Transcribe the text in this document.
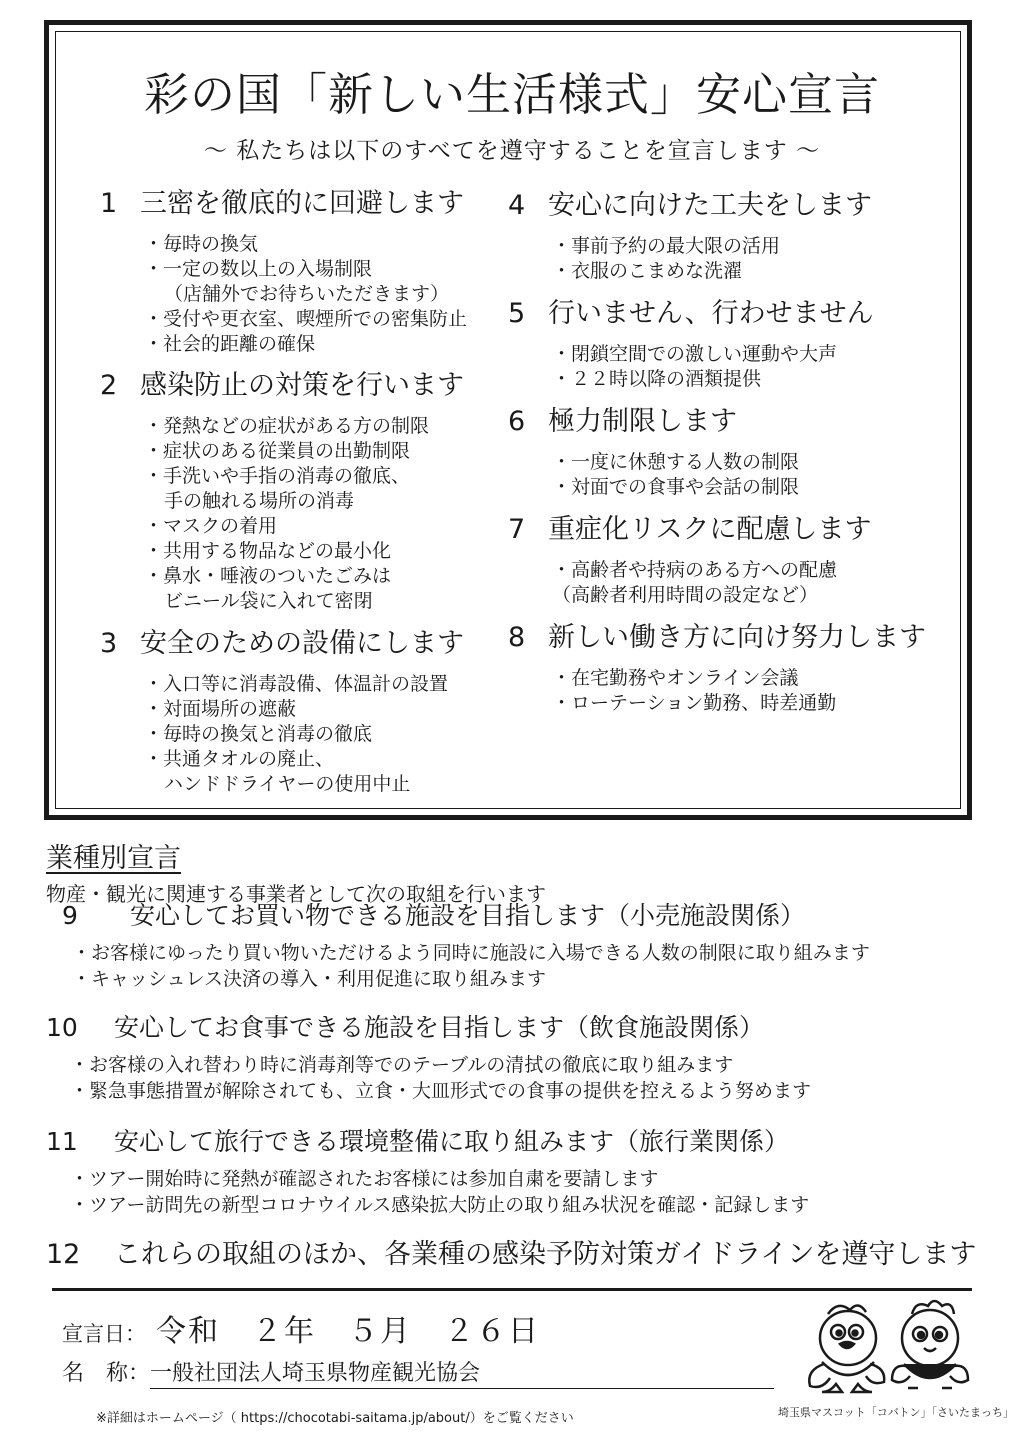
彩の国「新しい生活様式」安心宣言
～ 私たちは以下のすべてを遵守することを宣言します ～
1 三密を徹底的に回避します
・毎時の換気
・一定の数以上の入場制限
（店舗外でお待ちいただきます）
・受付や更衣室、喫煙所での密集防止
・社会的距離の確保
2 感染防止の対策を行います
・発熱などの症状がある方の制限
・症状のある従業員の出勤制限
・手洗いや手指の消毒の徹底、
手の触れる場所の消毒
・マスクの着用
・共用する物品などの最小化
・鼻水・唾液のついたごみは
ビニール袋に入れて密閉
3 安全のための設備にします
・入口等に消毒設備、体温計の設置
・対面場所の遮蔽
・毎時の換気と消毒の徹底
・共通タオルの廃止、
ハンドドライヤーの使用中止
4 安心に向けた工夫をします
・事前予約の最大限の活用
・衣服のこまめな洗濯
5 行いません、行わせません
・閉鎖空間での激しい運動や大声
・２２時以降の酒類提供
6 極力制限します
・一度に休憩する人数の制限
・対面での食事や会話の制限
7 重症化リスクに配慮します
・高齢者や持病のある方への配慮
（高齢者利用時間の設定など）
8 新しい働き方に向け努力します
・在宅勤務やオンライン会議
・ローテーション勤務、時差通勤
業種別宣言
物産・観光に関連する事業者として次の取組を行います
9 安心してお買い物できる施設を目指します（小売施設関係）
・お客様にゆったり買い物いただけるよう同時に施設に入場できる人数の制限に取り組みます
・キャッシュレス決済の導入・利用促進に取り組みます
10 安心してお食事できる施設を目指します（飲食施設関係）
・お客様の入れ替わり時に消毒剤等でのテーブルの清拭の徹底に取り組みます
・緊急事態措置が解除されても、立食・大皿形式での食事の提供を控えるよう努めます
11 安心して旅行できる環境整備に取り組みます（旅行業関係）
・ツアー開始時に発熱が確認されたお客様には参加自粛を要請します
・ツアー訪問先の新型コロナウイルス感染拡大防止の取り組み状況を確認・記録します
12 これらの取組のほか、各業種の感染予防対策ガイドラインを遵守します
宣言日： 令和　２年　５月　２６日
名　称：一般社団法人埼玉県物産観光協会
※詳細はホームページ（ https://chocotabi-saitama.jp/about/）をご覧ください	埼玉県マスコット「コバトン」「さいたまっち」
